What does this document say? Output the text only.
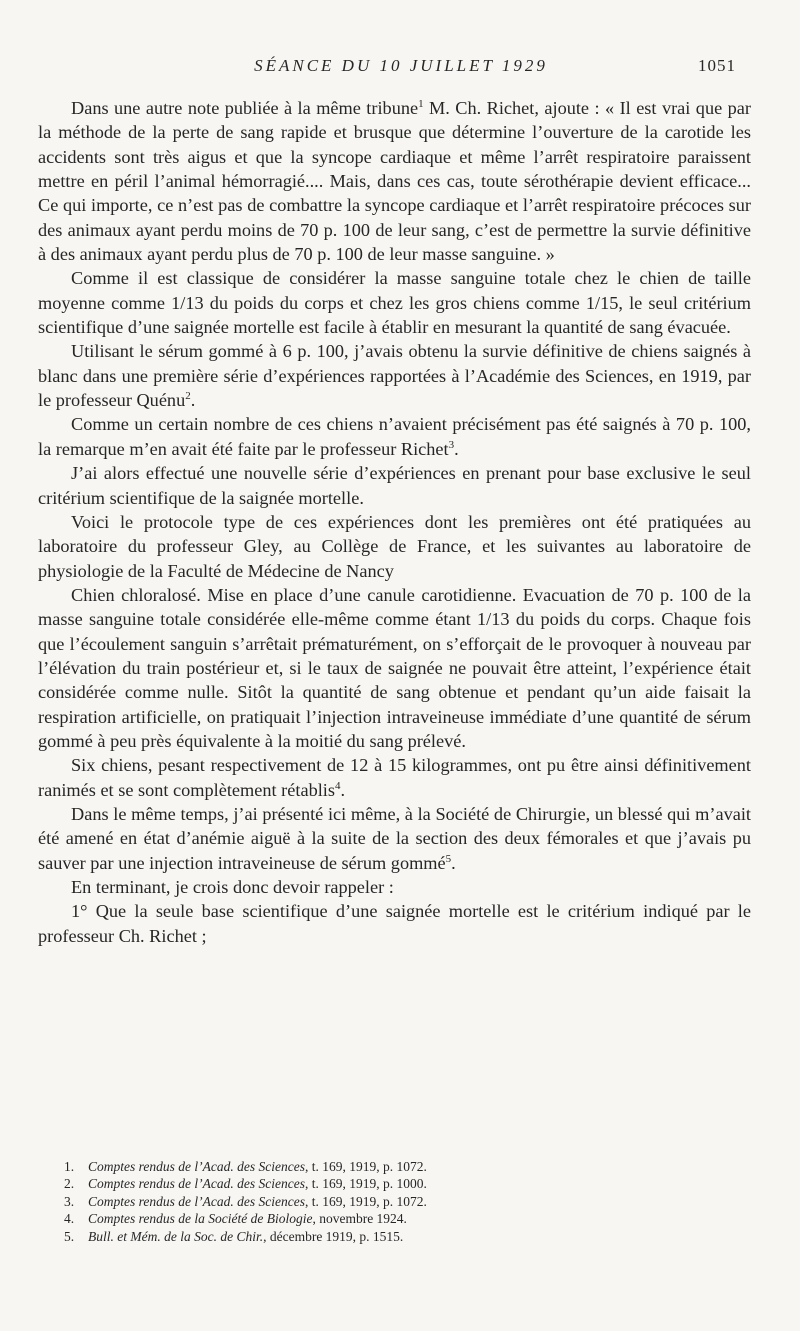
SÉANCE DU 10 JUILLET 1929	1051

Dans une autre note publiée à la même tribune$^1$ M. Ch. Richet, ajoute : « Il est vrai que par la méthode de la perte de sang rapide et brusque que détermine l’ouverture de la carotide les accidents sont très aigus et que la syncope cardiaque et même l’arrêt respiratoire paraissent mettre en péril l’animal hémorragié.... Mais, dans ces cas, toute sérothérapie devient efficace... Ce qui importe, ce n’est pas de combattre la syncope cardiaque et l’arrêt respiratoire précoces sur des animaux ayant perdu moins de 70 p. 100 de leur sang, c’est de permettre la survie définitive à des animaux ayant perdu plus de 70 p. 100 de leur masse sanguine. »

Comme il est classique de considérer la masse sanguine totale chez le chien de taille moyenne comme 1/13 du poids du corps et chez les gros chiens comme 1/15, le seul critérium scientifique d’une saignée mortelle est facile à établir en mesurant la quantité de sang évacuée.

Utilisant le sérum gommé à 6 p. 100, j’avais obtenu la survie définitive de chiens saignés à blanc dans une première série d’expériences rapportées à l’Académie des Sciences, en 1919, par le professeur Quénu$^2$.

Comme un certain nombre de ces chiens n’avaient précisément pas été saignés à 70 p. 100, la remarque m’en avait été faite par le professeur Richet$^3$.

J’ai alors effectué une nouvelle série d’expériences en prenant pour base exclusive le seul critérium scientifique de la saignée mortelle.

Voici le protocole type de ces expériences dont les premières ont été pratiquées au laboratoire du professeur Gley, au Collège de France, et les suivantes au laboratoire de physiologie de la Faculté de Médecine de Nancy

Chien chloralosé. Mise en place d’une canule carotidienne. Evacuation de 70 p. 100 de la masse sanguine totale considérée elle-même comme étant 1/13 du poids du corps. Chaque fois que l’écoulement sanguin s’arrêtait prématurément, on s’efforçait de le provoquer à nouveau par l’élévation du train postérieur et, si le taux de saignée ne pouvait être atteint, l’expérience était considérée comme nulle. Sitôt la quantité de sang obtenue et pendant qu’un aide faisait la respiration artificielle, on pratiquait l’injection intraveineuse immédiate d’une quantité de sérum gommé à peu près équivalente à la moitié du sang prélevé.

Six chiens, pesant respectivement de 12 à 15 kilogrammes, ont pu être ainsi définitivement ranimés et se sont complètement rétablis$^4$.

Dans le même temps, j’ai présenté ici même, à la Société de Chirurgie, un blessé qui m’avait été amené en état d’anémie aiguë à la suite de la section des deux fémorales et que j’avais pu sauver par une injection intraveineuse de sérum gommé$^5$.

En terminant, je crois donc devoir rappeler :

1° Que la seule base scientifique d’une saignée mortelle est le critérium indiqué par le professeur Ch. Richet ;

1. Comptes rendus de l’Acad. des Sciences, t. 169, 1919, p. 1072.
2. Comptes rendus de l’Acad. des Sciences, t. 169, 1919, p. 1000.
3. Comptes rendus de l’Acad. des Sciences, t. 169, 1919, p. 1072.
4. Comptes rendus de la Société de Biologie, novembre 1924.
5. Bull. et Mém. de la Soc. de Chir., décembre 1919, p. 1515.
